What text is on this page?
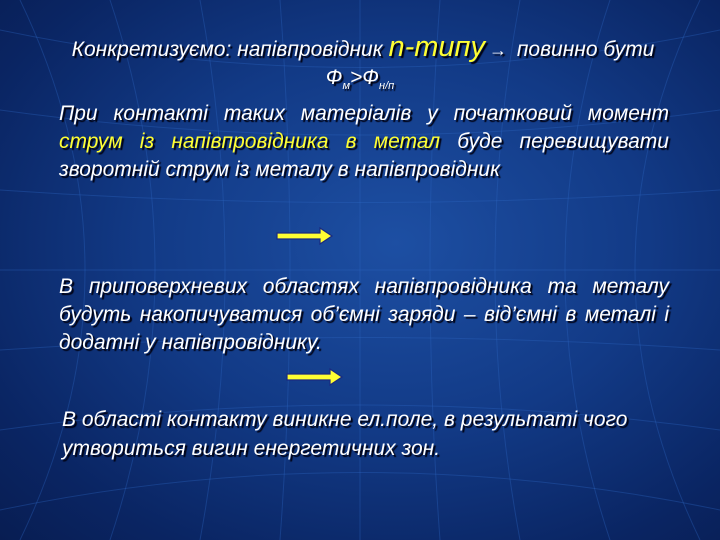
Конкретизуємо: напівпровідник n-типу → повинно бути
$Ф_м>Ф_{н/п}$
При контакті таких матеріалів у початковий момент струм із напівпровідника в метал буде перевищувати зворотній струм із металу в напівпровідник
В приповерхневих областях напівпровідника та металу будуть накопичуватися об’ємні заряди – від’ємні в металі і додатні у напівпровіднику.
В області контакту виникне ел.поле, в результаті чого утвориться вигин енергетичних зон.
